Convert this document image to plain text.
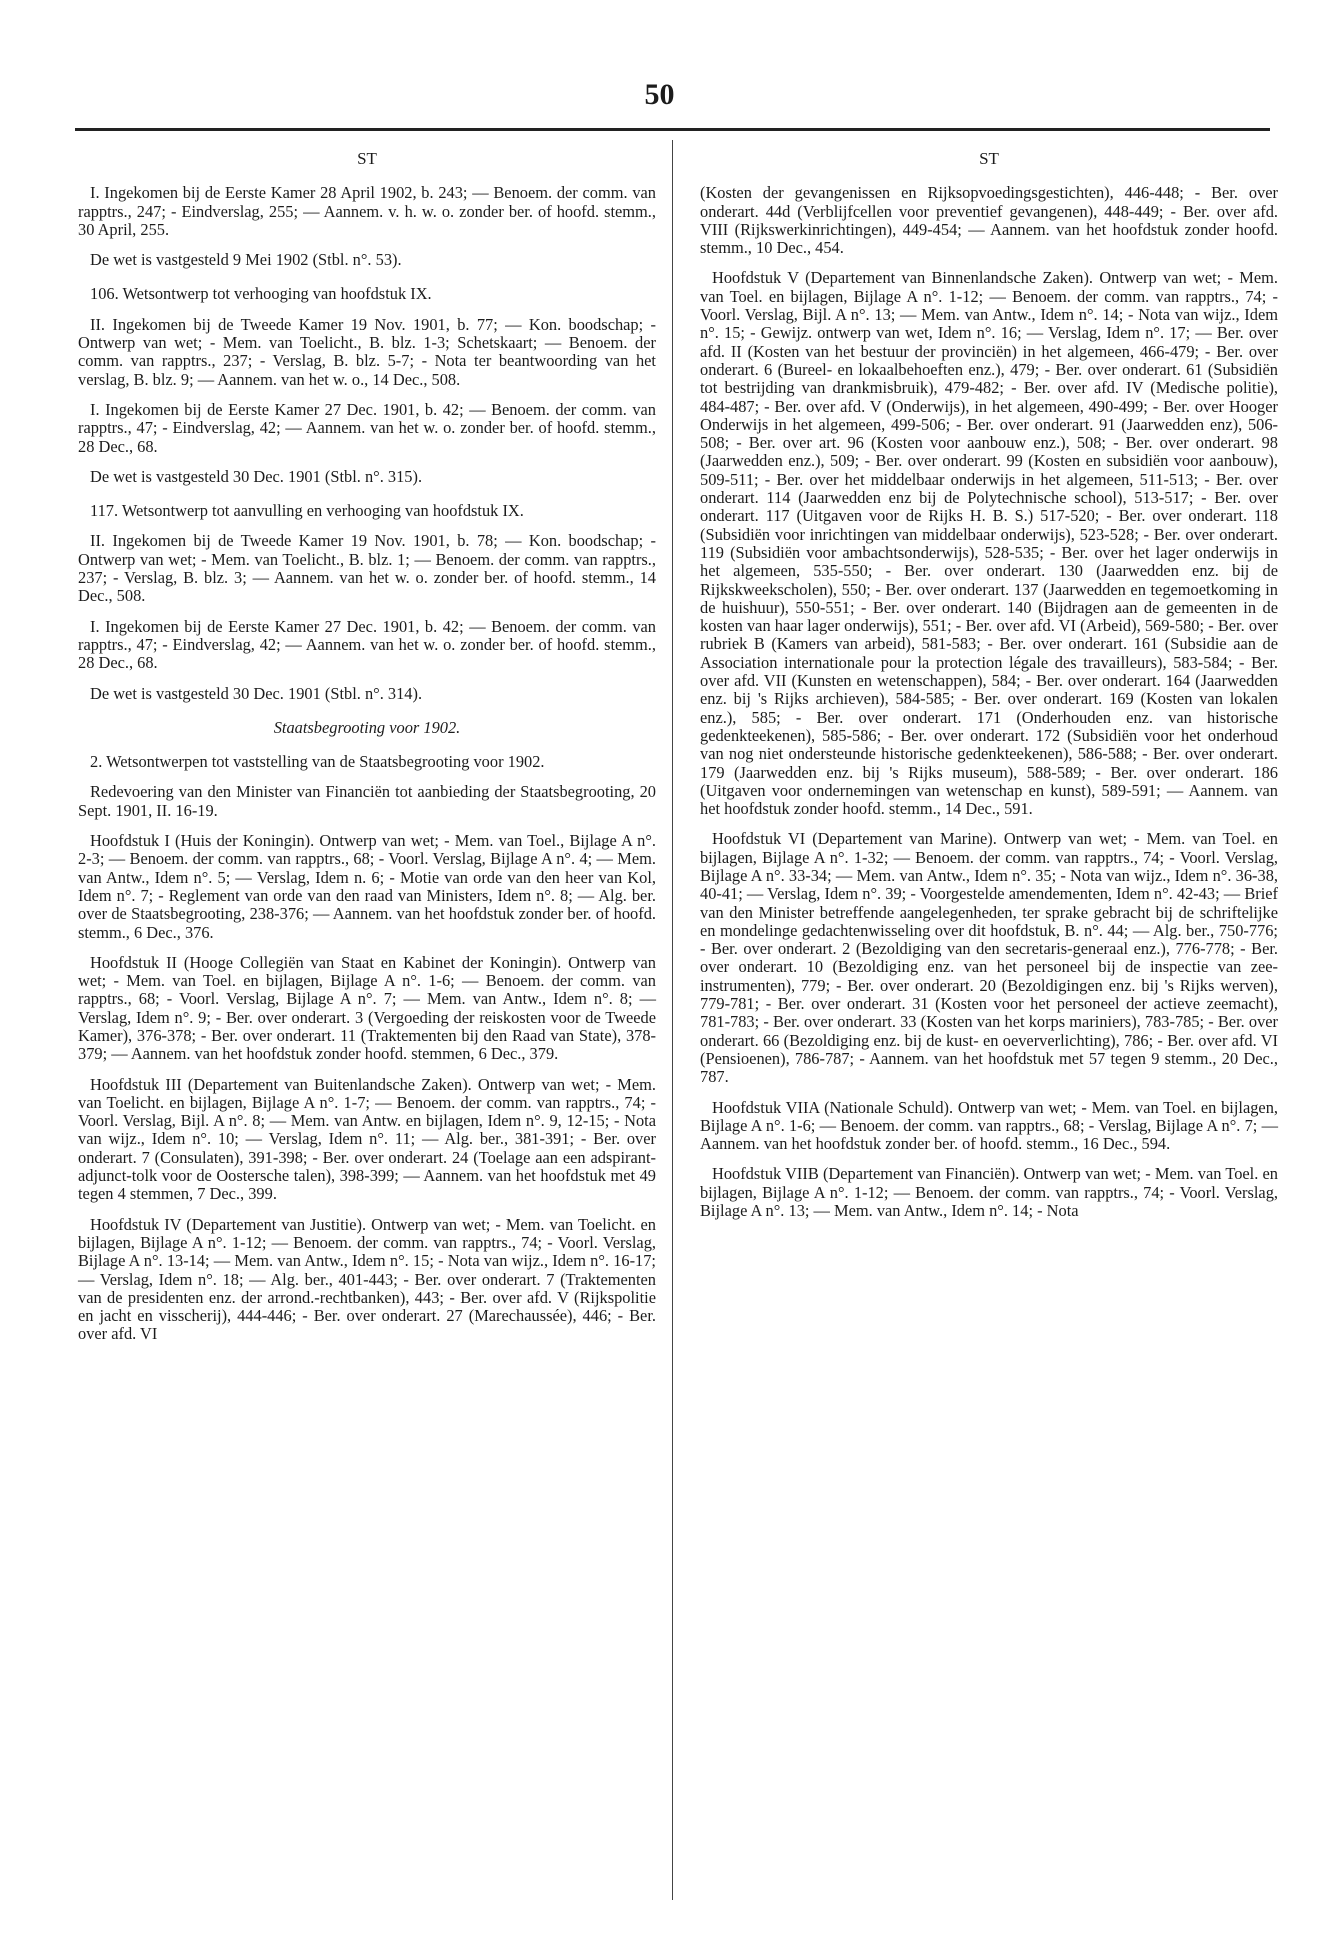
50
ST

I. Ingekomen bij de Eerste Kamer 28 April 1902, b. 243; — Benoem. der comm. van rapptrs., 247; - Eindverslag, 255; — Aannem. v. h. w. o. zonder ber. of hoofd. stemm., 30 April, 255.

De wet is vastgesteld 9 Mei 1902 (Stbl. n°. 53).

106. Wetsontwerp tot verhooging van hoofdstuk IX.

II. Ingekomen bij de Tweede Kamer 19 Nov. 1901, b. 77; — Kon. boodschap; - Ontwerp van wet; - Mem. van Toelicht., B. blz. 1-3; Schetskaart; — Benoem. der comm. van rapptrs., 237; - Verslag, B. blz. 5-7; - Nota ter beantwoording van het verslag, B. blz. 9; — Aannem. van het w. o., 14 Dec., 508.

I. Ingekomen bij de Eerste Kamer 27 Dec. 1901, b. 42; — Benoem. der comm. van rapptrs., 47; - Eindverslag, 42; — Aannem. van het w. o. zonder ber. of hoofd. stemm., 28 Dec., 68.

De wet is vastgesteld 30 Dec. 1901 (Stbl. n°. 315).

117. Wetsontwerp tot aanvulling en verhooging van hoofdstuk IX.

II. Ingekomen bij de Tweede Kamer 19 Nov. 1901, b. 78; — Kon. boodschap; - Ontwerp van wet; - Mem. van Toelicht., B. blz. 1; — Benoem. der comm. van rapptrs., 237; - Verslag, B. blz. 3; — Aannem. van het w. o. zonder ber. of hoofd. stemm., 14 Dec., 508.

I. Ingekomen bij de Eerste Kamer 27 Dec. 1901, b. 42; — Benoem. der comm. van rapptrs., 47; - Eindverslag, 42; — Aannem. van het w. o. zonder ber. of hoofd. stemm., 28 Dec., 68.

De wet is vastgesteld 30 Dec. 1901 (Stbl. n°. 314).

Staatsbegrooting voor 1902.

2. Wetsontwerpen tot vaststelling van de Staatsbegrooting voor 1902.

Redevoering van den Minister van Financiën tot aanbieding der Staatsbegrooting, 20 Sept. 1901, II. 16-19.

Hoofdstuk I (Huis der Koningin). Ontwerp van wet; - Mem. van Toel., Bijlage A n°. 2-3; — Benoem. der comm. van rapptrs., 68; - Voorl. Verslag, Bijlage A n°. 4; — Mem. van Antw., Idem n°. 5; — Verslag, Idem n. 6; - Motie van orde van den heer van Kol, Idem n°. 7; - Reglement van orde van den raad van Ministers, Idem n°. 8; — Alg. ber. over de Staatsbegrooting, 238-376; — Aannem. van het hoofdstuk zonder ber. of hoofd. stemm., 6 Dec., 376.

Hoofdstuk II (Hooge Collegiën van Staat en Kabinet der Koningin). Ontwerp van wet; - Mem. van Toel. en bijlagen, Bijlage A n°. 1-6; — Benoem. der comm. van rapptrs., 68; - Voorl. Verslag, Bijlage A n°. 7; — Mem. van Antw., Idem n°. 8; — Verslag, Idem n°. 9; - Ber. over onderart. 3 (Vergoeding der reiskosten voor de Tweede Kamer), 376-378; - Ber. over onderart. 11 (Traktementen bij den Raad van State), 378-379; — Aannem. van het hoofdstuk zonder hoofd. stemmen, 6 Dec., 379.

Hoofdstuk III (Departement van Buitenlandsche Zaken). Ontwerp van wet; - Mem. van Toelicht. en bijlagen, Bijlage A n°. 1-7; — Benoem. der comm. van rapptrs., 74; - Voorl. Verslag, Bijl. A n°. 8; — Mem. van Antw. en bijlagen, Idem n°. 9, 12-15; - Nota van wijz., Idem n°. 10; — Verslag, Idem n°. 11; — Alg. ber., 381-391; - Ber. over onderart. 7 (Consulaten), 391-398; - Ber. over onderart. 24 (Toelage aan een adspirant-adjunct-tolk voor de Oostersche talen), 398-399; — Aannem. van het hoofdstuk met 49 tegen 4 stemmen, 7 Dec., 399.

Hoofdstuk IV (Departement van Justitie). Ontwerp van wet; - Mem. van Toelicht. en bijlagen, Bijlage A n°. 1-12; — Benoem. der comm. van rapptrs., 74; - Voorl. Verslag, Bijlage A n°. 13-14; — Mem. van Antw., Idem n°. 15; - Nota van wijz., Idem n°. 16-17; — Verslag, Idem n°. 18; — Alg. ber., 401-443; - Ber. over onderart. 7 (Traktementen van de presidenten enz. der arrond.-rechtbanken), 443; - Ber. over afd. V (Rijkspolitie en jacht en visscherij), 444-446; - Ber. over onderart. 27 (Marechaussée), 446; - Ber. over afd. VI

ST

(Kosten der gevangenissen en Rijksopvoedingsgestichten), 446-448; - Ber. over onderart. 44d (Verblijfcellen voor preventief gevangenen), 448-449; - Ber. over afd. VIII (Rijkswerkinrichtingen), 449-454; — Aannem. van het hoofdstuk zonder hoofd. stemm., 10 Dec., 454.

Hoofdstuk V (Departement van Binnenlandsche Zaken). Ontwerp van wet; - Mem. van Toel. en bijlagen, Bijlage A n°. 1-12; — Benoem. der comm. van rapptrs., 74; - Voorl. Verslag, Bijl. A n°. 13; — Mem. van Antw., Idem n°. 14; - Nota van wijz., Idem n°. 15; - Gewijz. ontwerp van wet, Idem n°. 16; — Verslag, Idem n°. 17; — Ber. over afd. II (Kosten van het bestuur der provinciën) in het algemeen, 466-479; - Ber. over onderart. 6 (Bureel- en lokaalbehoeften enz.), 479; - Ber. over onderart. 61 (Subsidiën tot bestrijding van drankmisbruik), 479-482; - Ber. over afd. IV (Medische politie), 484-487; - Ber. over afd. V (Onderwijs), in het algemeen, 490-499; - Ber. over Hooger Onderwijs in het algemeen, 499-506; - Ber. over onderart. 91 (Jaarwedden enz), 506-508; - Ber. over art. 96 (Kosten voor aanbouw enz.), 508; - Ber. over onderart. 98 (Jaarwedden enz.), 509; - Ber. over onderart. 99 (Kosten en subsidiën voor aanbouw), 509-511; - Ber. over het middelbaar onderwijs in het algemeen, 511-513; - Ber. over onderart. 114 (Jaarwedden enz bij de Polytechnische school), 513-517; - Ber. over onderart. 117 (Uitgaven voor de Rijks H. B. S.) 517-520; - Ber. over onderart. 118 (Subsidiën voor inrichtingen van middelbaar onderwijs), 523-528; - Ber. over onderart. 119 (Subsidiën voor ambachtsonderwijs), 528-535; - Ber. over het lager onderwijs in het algemeen, 535-550; - Ber. over onderart. 130 (Jaarwedden enz. bij de Rijkskweekscholen), 550; - Ber. over onderart. 137 (Jaarwedden en tegemoetkoming in de huishuur), 550-551; - Ber. over onderart. 140 (Bijdragen aan de gemeenten in de kosten van haar lager onderwijs), 551; - Ber. over afd. VI (Arbeid), 569-580; - Ber. over rubriek B (Kamers van arbeid), 581-583; - Ber. over onderart. 161 (Subsidie aan de Association internationale pour la protection légale des travailleurs), 583-584; - Ber. over afd. VII (Kunsten en wetenschappen), 584; - Ber. over onderart. 164 (Jaarwedden enz. bij 's Rijks archieven), 584-585; - Ber. over onderart. 169 (Kosten van lokalen enz.), 585; - Ber. over onderart. 171 (Onderhouden enz. van historische gedenkteekenen), 585-586; - Ber. over onderart. 172 (Subsidiën voor het onderhoud van nog niet ondersteunde historische gedenkteekenen), 586-588; - Ber. over onderart. 179 (Jaarwedden enz. bij 's Rijks museum), 588-589; - Ber. over onderart. 186 (Uitgaven voor ondernemingen van wetenschap en kunst), 589-591; — Aannem. van het hoofdstuk zonder hoofd. stemm., 14 Dec., 591.

Hoofdstuk VI (Departement van Marine). Ontwerp van wet; - Mem. van Toel. en bijlagen, Bijlage A n°. 1-32; — Benoem. der comm. van rapptrs., 74; - Voorl. Verslag, Bijlage A n°. 33-34; — Mem. van Antw., Idem n°. 35; - Nota van wijz., Idem n°. 36-38, 40-41; — Verslag, Idem n°. 39; - Voorgestelde amendementen, Idem n°. 42-43; — Brief van den Minister betreffende aangelegenheden, ter sprake gebracht bij de schriftelijke en mondelinge gedachtenwisseling over dit hoofdstuk, B. n°. 44; — Alg. ber., 750-776; - Ber. over onderart. 2 (Bezoldiging van den secretaris-generaal enz.), 776-778; - Ber. over onderart. 10 (Bezoldiging enz. van het personeel bij de inspectie van zee-instrumenten), 779; - Ber. over onderart. 20 (Bezoldigingen enz. bij 's Rijks werven), 779-781; - Ber. over onderart. 31 (Kosten voor het personeel der actieve zeemacht), 781-783; - Ber. over onderart. 33 (Kosten van het korps mariniers), 783-785; - Ber. over onderart. 66 (Bezoldiging enz. bij de kust- en oeververlichting), 786; - Ber. over afd. VI (Pensioenen), 786-787; - Aannem. van het hoofdstuk met 57 tegen 9 stemm., 20 Dec., 787.

Hoofdstuk VIIA (Nationale Schuld). Ontwerp van wet; - Mem. van Toel. en bijlagen, Bijlage A n°. 1-6; — Benoem. der comm. van rapptrs., 68; - Verslag, Bijlage A n°. 7; — Aannem. van het hoofdstuk zonder ber. of hoofd. stemm., 16 Dec., 594.

Hoofdstuk VIIB (Departement van Financiën). Ontwerp van wet; - Mem. van Toel. en bijlagen, Bijlage A n°. 1-12; — Benoem. der comm. van rapptrs., 74; - Voorl. Verslag, Bijlage A n°. 13; — Mem. van Antw., Idem n°. 14; - Nota
